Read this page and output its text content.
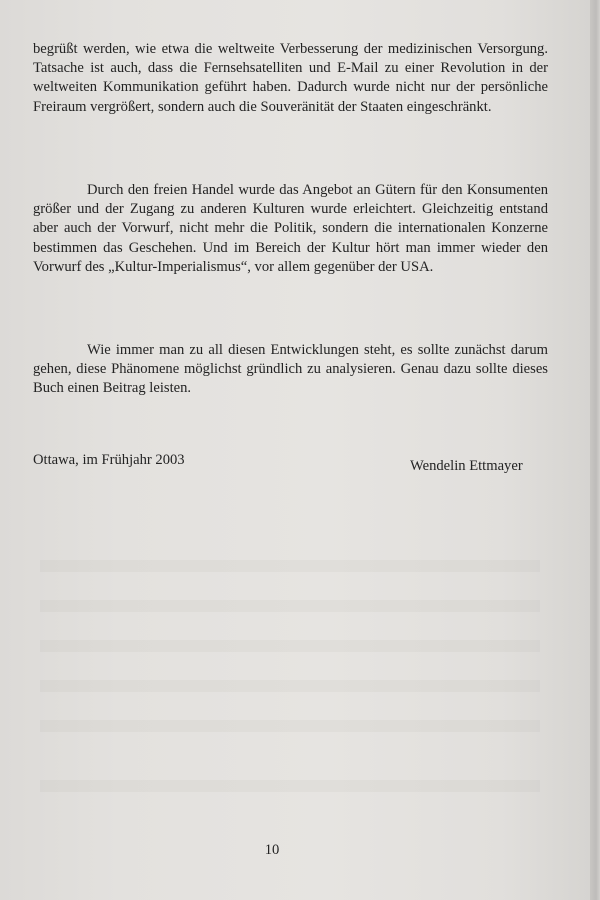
begrüßt werden, wie etwa die weltweite Verbesserung der medizinischen Versorgung. Tatsache ist auch, dass die Fernsehsatelliten und E-Mail zu einer Revolution in der weltweiten Kommunikation geführt haben. Dadurch wurde nicht nur der persönliche Freiraum vergrößert, sondern auch die Souveränität der Staaten eingeschränkt.

Durch den freien Handel wurde das Angebot an Gütern für den Konsumenten größer und der Zugang zu anderen Kulturen wurde erleichtert. Gleichzeitig entstand aber auch der Vorwurf, nicht mehr die Politik, sondern die internationalen Konzerne bestimmen das Geschehen. Und im Bereich der Kultur hört man immer wieder den Vorwurf des „Kultur-Imperialismus“, vor allem gegenüber der USA.

Wie immer man zu all diesen Entwicklungen steht, es sollte zunächst darum gehen, diese Phänomene möglichst gründlich zu analysieren. Genau dazu sollte dieses Buch einen Beitrag leisten.

Ottawa, im Frühjahr 2003	Wendelin Ettmayer
10
